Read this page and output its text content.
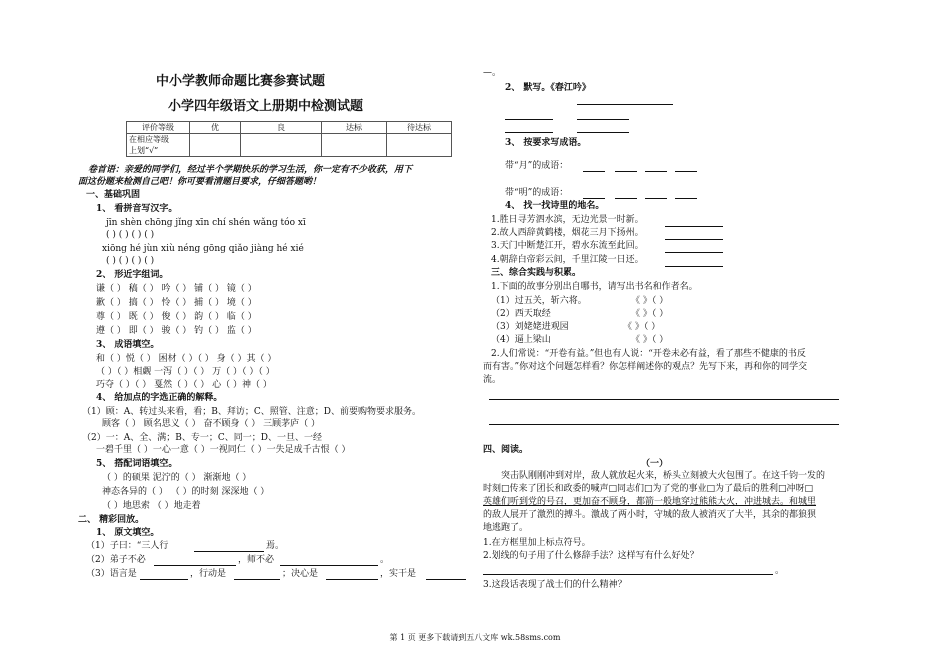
中小学教师命题比赛参赛试题
小学四年级语文上册期中检测试题
评价等级	优	良	达标	待达标
在相应等级
上划“√”				
卷首语：亲爱的同学们，经过半个学期快乐的学习生活，你一定有不少收获，用下
面这份题来检测自己吧！你可要看清题目要求，仔细答题哟！
一、基础巩固
1、 看拼音写汉字。
jīn shèn chōng jǐng xīn chí shén wǎng tóo xī
( ) ( ) ( ) ( )
xiōng hé jùn xiù néng gōng qiǎo jiàng hé xié
( ) ( ) ( ) ( )
2、 形近字组词。
谦（ ） 稿（ ） 吟（ ） 铺（ ） 镜（ ）
歉（ ） 搞（ ） 怜（ ） 捕（ ） 境（ ）
尊（ ） 既（ ） 俊（ ） 韵（ ） 临（ ）
遵（ ） 即（ ） 骏（ ） 钓（ ） 监（ ）
3、 成语填空。
和（ ）悦（ ） 困材（ ）（ ） 身（ ）其（ ）
（ ）（ ）相觑 一泻（ ）（ ） 万（ ）（ ）（ ）
巧夺（ ）（ ） 戛然（ ）（ ） 心（ ）神（ ）
4、 给加点的字选正确的解释。
（1）顾：A、转过头来看，看；B、拜访；C、照管、注意；D、前要购物要求服务。
顾客（ ） 顾名思义（ ） 奋不顾身（ ） 三顾茅庐（ ）
（2）一：A、全、满；B、专一；C、同一；D、一旦、一经
一碧千里（ ）一心一意（ ）一视同仁（ ）一失足成千古恨（ ）
5、 搭配词语填空。
（ ）的硕果 泥泞的（ ） 渐渐地（ ）
神态各异的（ ） （ ）的时刻 深深地（ ）
（ ）地思索 （ ）地走着
二、 精彩回放。
1、 原文填空。
（1）子曰：“三人行	焉。
（2）弟子不必	，师不必	。
（3）语言是	，行动是	；决心是	，实干是
—。
2、 默写。《春江吟》
3、 按要求写成语。
带“月”的成语：
带“明”的成语：
4、 找一找诗里的地名。
1.胜日寻芳泗水滨，无边光景一时新。
2.故人西辞黄鹤楼，烟花三月下扬州。
3.天门中断楚江开，碧水东流至此回。
4.朝辞白帝彩云间，千里江陵一日还。
三、综合实践与积累。
1.下面的故事分别出自哪书，请写出书名和作者名。
（1）过五关，斩六将。	《 》（ ）
（2）西天取经	《 》（ ）
（3）刘姥姥进观园	《 》（ ）
（4）逼上梁山	《 》（ ）
2.人们常说：“开卷有益。”但也有人说：“开卷未必有益，看了那些不健康的书反
而有害。”你对这个问题怎样看？你怎样阐述你的观点？先写下来，再和你的同学交
流。
四、阅读。
（一）
突击队刚刚冲到对岸，敌人就放起火来，桥头立刻被大火包围了。在这千钧一发的
时刻□传来了团长和政委的喊声□同志们□为了党的事业□为了最后的胜利□冲呀□
英雄们听到党的号召，更加奋不顾身，都箭一般地穿过熊熊大火，冲进城去。和城里
的敌人展开了激烈的搏斗。激战了两小时，守城的敌人被消灭了大半，其余的都狼狈
地逃跑了。
1.在方框里加上标点符号。
2.划线的句子用了什么修辞手法？这样写有什么好处？
。
3.这段话表现了战士们的什么精神？
第 1 页 更多下载请到五八文库 wk.58sms.com
